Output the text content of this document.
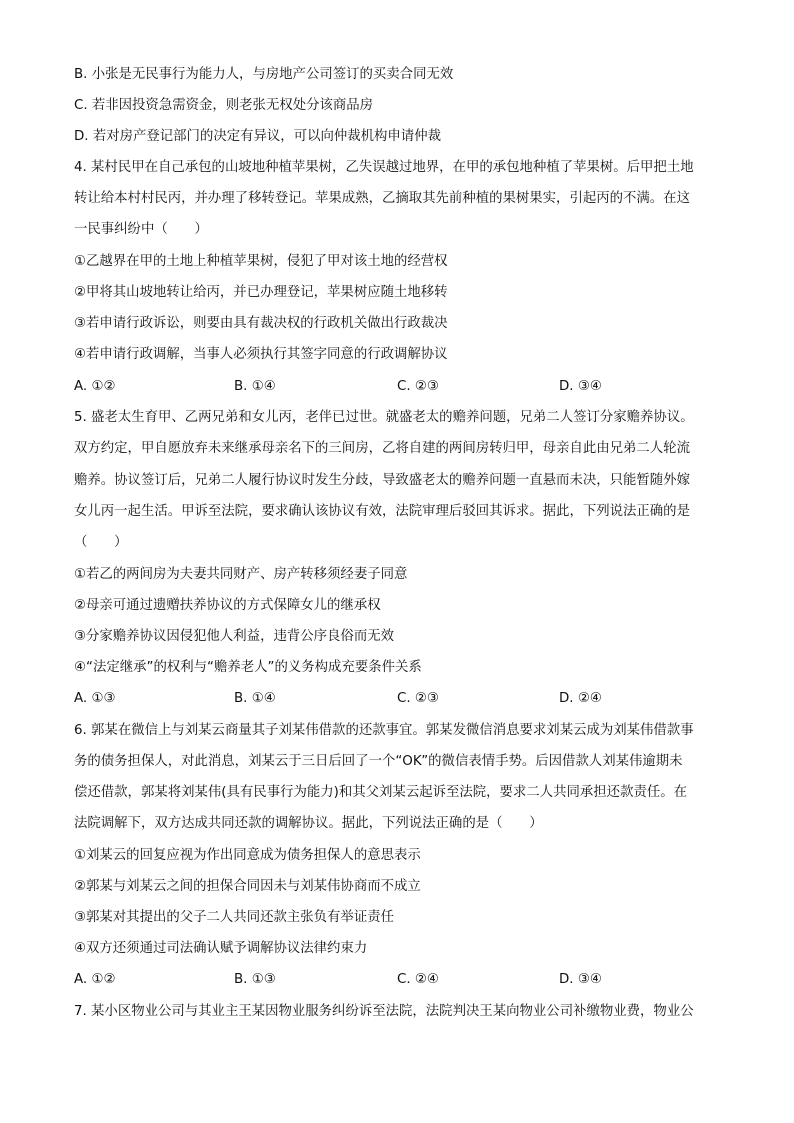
B. 小张是无民事行为能力人，与房地产公司签订的买卖合同无效
C. 若非因投资急需资金，则老张无权处分该商品房
D. 若对房产登记部门的决定有异议，可以向仲裁机构申请仲裁
4. 某村民甲在自己承包的山坡地种植苹果树，乙失误越过地界，在甲的承包地种植了苹果树。后甲把土地
转让给本村村民丙，并办理了移转登记。苹果成熟，乙摘取其先前种植的果树果实，引起丙的不满。在这
一民事纠纷中（　　）
①乙越界在甲的土地上种植苹果树，侵犯了甲对该土地的经营权
②甲将其山坡地转让给丙，并已办理登记，苹果树应随土地移转
③若申请行政诉讼，则要由具有裁决权的行政机关做出行政裁决
④若申请行政调解，当事人必须执行其签字同意的行政调解协议
A. ①②	B. ①④	C. ②③	D. ③④
5. 盛老太生育甲、乙两兄弟和女儿丙，老伴已过世。就盛老太的赡养问题，兄弟二人签订分家赡养协议。
双方约定，甲自愿放弃未来继承母亲名下的三间房，乙将自建的两间房转归甲，母亲自此由兄弟二人轮流
赡养。协议签订后，兄弟二人履行协议时发生分歧，导致盛老太的赡养问题一直悬而未决，只能暂随外嫁
女儿丙一起生活。甲诉至法院，要求确认该协议有效，法院审理后驳回其诉求。据此，下列说法正确的是
（　　）
①若乙的两间房为夫妻共同财产、房产转移须经妻子同意
②母亲可通过遗赠扶养协议的方式保障女儿的继承权
③分家赡养协议因侵犯他人利益，违背公序良俗而无效
④“法定继承”的权利与“赡养老人”的义务构成充要条件关系
A. ①③	B. ①④	C. ②③	D. ②④
6. 郭某在微信上与刘某云商量其子刘某伟借款的还款事宜。郭某发微信消息要求刘某云成为刘某伟借款事
务的债务担保人，对此消息，刘某云于三日后回了一个“OK”的微信表情手势。后因借款人刘某伟逾期未
偿还借款，郭某将刘某伟(具有民事行为能力)和其父刘某云起诉至法院，要求二人共同承担还款责任。在
法院调解下，双方达成共同还款的调解协议。据此，下列说法正确的是（　　）
①刘某云的回复应视为作出同意成为债务担保人的意思表示
②郭某与刘某云之间的担保合同因未与刘某伟协商而不成立
③郭某对其提出的父子二人共同还款主张负有举证责任
④双方还须通过司法确认赋予调解协议法律约束力
A. ①②	B. ①③	C. ②④	D. ③④
7. 某小区物业公司与其业主王某因物业服务纠纷诉至法院，法院判决王某向物业公司补缴物业费，物业公
